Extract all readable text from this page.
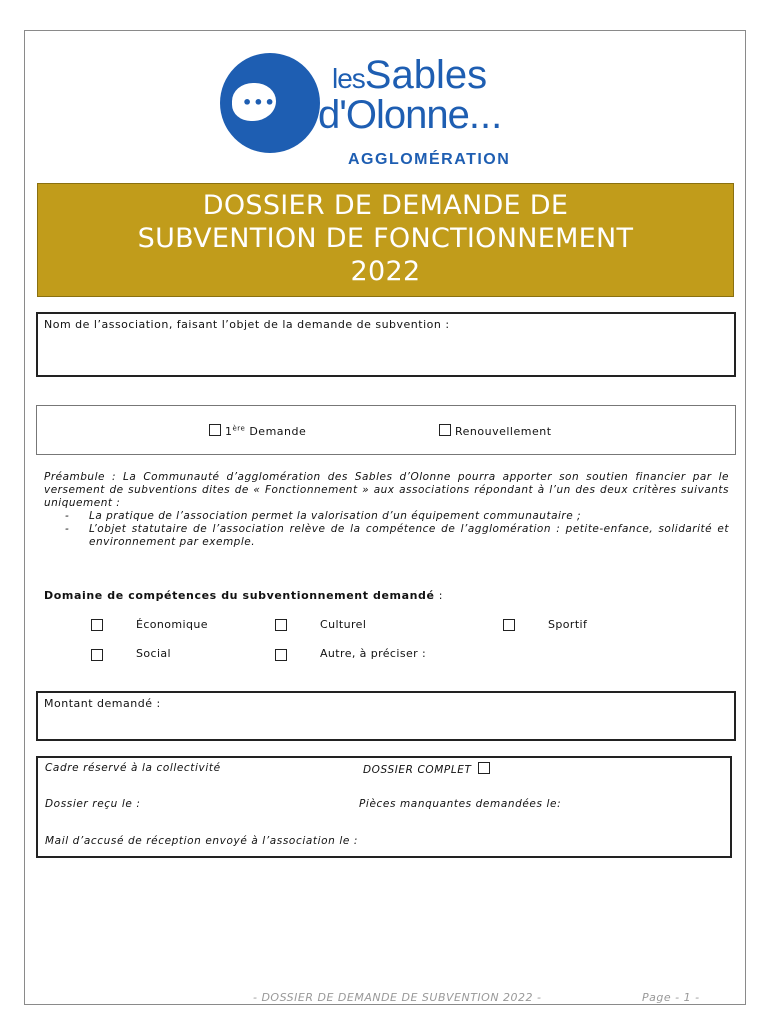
•••
lesSables
d'Olonne...
AGGLOMÉRATION
DOSSIER DE DEMANDE DE
SUBVENTION DE FONCTIONNEMENT
2022
Nom de l’association, faisant l’objet de la demande de subvention :
1ère Demande	Renouvellement
Préambule : La Communauté d’agglomération des Sables d’Olonne pourra apporter son soutien financier par le versement de subventions dites de « Fonctionnement » aux associations répondant à l’un des deux critères suivants uniquement :
-	La pratique de l’association permet la valorisation d’un équipement communautaire ;
-	L’objet statutaire de l’association relève de la compétence de l’agglomération : petite-enfance, solidarité et environnement par exemple.
Domaine de compétences du subventionnement demandé :
Économique	Culturel	Sportif
Social	Autre, à préciser :
Montant demandé :
Cadre réservé à la collectivité	DOSSIER COMPLET
Dossier reçu le :	Pièces manquantes demandées le:
Mail d’accusé de réception envoyé à l’association le :
- DOSSIER DE DEMANDE DE SUBVENTION 2022 -	Page - 1 -
